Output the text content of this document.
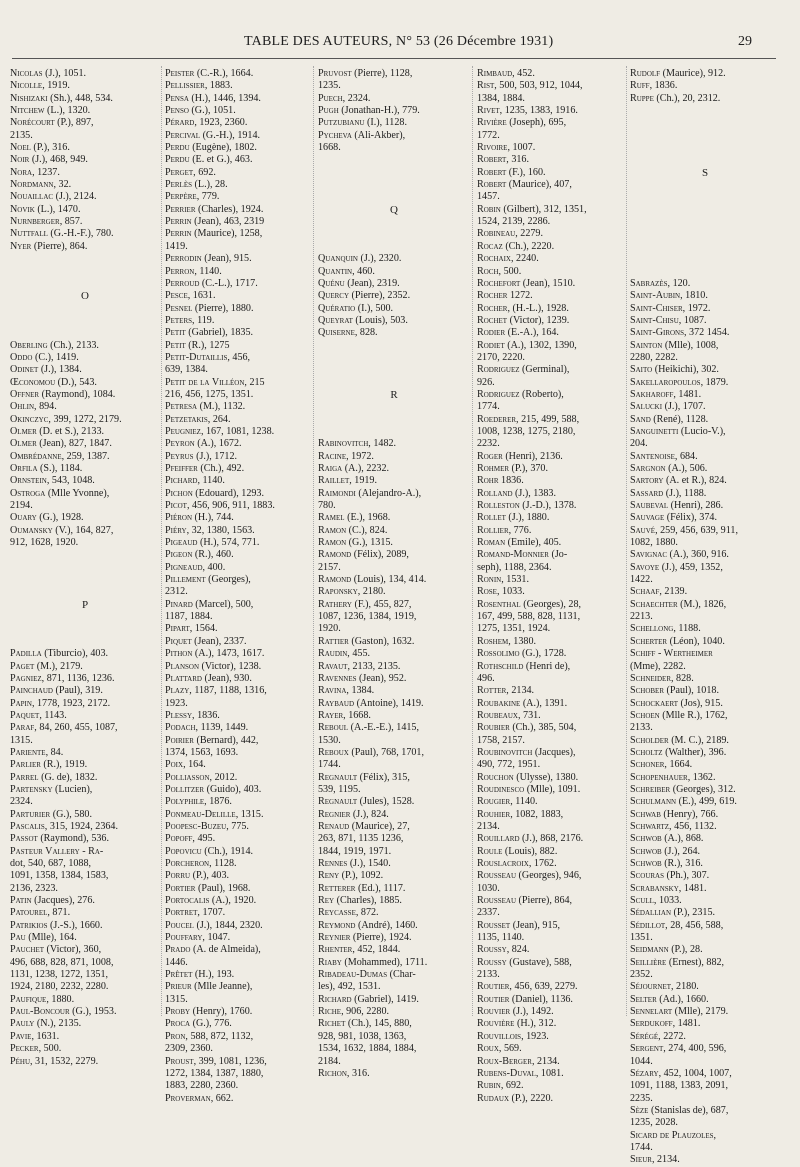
TABLE DES AUTEURS, N° 53 (26 Décembre 1931)	29
Nicolas (J.), 1051.
Nicolle, 1919.
Nishizaki (Sh.), 448, 534.
Nitchew (L.), 1320.
Norécourt (P.), 897,
2135.
Noel (P.), 316.
Noir (J.), 468, 949.
Nora, 1237.
Nordmann, 32.
Nouaillac (J.), 2124.
Novik (L.), 1470.
Nurnberger, 857.
Nuttfall (G.-H.-F.), 780.
Nyer (Pierre), 864.

O

Oberling (Ch.), 2133.
Oddo (C.), 1419.
Odinet (J.), 1384.
Œconomou (D.), 543.
Offner (Raymond), 1084.
Ohlin, 894.
Okinczyc, 399, 1272, 2179.
Olmer (D. et S.), 2133.
Olmer (Jean), 827, 1847.
Ombrédanne, 259, 1387.
Orfila (S.), 1184.
Ornstein, 543, 1048.
Ostroga (Mlle Yvonne),
2194.
Ouary (G.), 1928.
Oumansky (V.), 164, 827,
912, 1628, 1920.

P

Padilla (Tiburcio), 403.
Paget (M.), 2179.
Pagniez, 871, 1136, 1236.
Painchaud (Paul), 319.
Papin, 1778, 1923, 2172.
Paquet, 1143.
Paraf, 84, 260, 455, 1087,
1315.
Pariente, 84.
Parlier (R.), 1919.
Parrel (G. de), 1832.
Partensky (Lucien),
2324.
Parturier (G.), 580.
Pascalis, 315, 1924, 2364.
Passot (Raymond), 536.
Pasteur Vallery - Ra-
dot, 540, 687, 1088,
1091, 1358, 1384, 1583,
2136, 2323.
Patin (Jacques), 276.
Patourel, 871.
Patrikios (J.-S.), 1660.
Pau (Mlle), 164.
Pauchet (Victor), 360,
496, 688, 828, 871, 1008,
1131, 1238, 1272, 1351,
1924, 2180, 2232, 2280.
Paufique, 1880.
Paul-Boncour (G.), 1953.
Pauly (N.), 2135.
Pavie, 1631.
Pecker, 500.
Péhu, 31, 1532, 2279.
Peister (C.-R.), 1664.
Pellissier, 1883.
Pensa (H.), 1446, 1394.
Penso (G.), 1051.
Pérard, 1923, 2360.
Percival (G.-H.), 1914.
Perdu (Eugène), 1802.
Perdu (E. et G.), 463.
Perget, 692.
Perlès (L.), 28.
Perpère, 779.
Perrier (Charles), 1924.
Perrin (Jean), 463, 2319
Perrin (Maurice), 1258,
1419.
Perrodin (Jean), 915.
Perron, 1140.
Perroud (C.-L.), 1717.
Pesce, 1631.
Pesnel (Pierre), 1880.
Peters, 119.
Petit (Gabriel), 1835.
Petit (R.), 1275
Petit-Dutaillis, 456,
639, 1384.
Petit de la Villéon, 215
216, 456, 1275, 1351.
Petresa (M.), 1132.
Petzetakis, 264.
Peugniez, 167, 1081, 1238.
Peyron (A.), 1672.
Peyrus (J.), 1712.
Pfeiffer (Ch.), 492.
Pichard, 1140.
Pichon (Edouard), 1293.
Picot, 456, 906, 911, 1883.
Piéron (H.), 744.
Piéry, 32, 1380, 1563.
Pigeaud (H.), 574, 771.
Pigeon (R.), 460.
Pigneaud, 400.
Pillement (Georges),
2312.
Pinard (Marcel), 500,
1187, 1884.
Pipart, 1564.
Piquet (Jean), 2337.
Pithon (A.), 1473, 1617.
Planson (Victor), 1238.
Plattard (Jean), 930.
Plazy, 1187, 1188, 1316,
1923.
Plessy, 1836.
Podach, 1139, 1449.
Poirier (Bernard), 442,
1374, 1563, 1693.
Poix, 164.
Polliasson, 2012.
Pollitzer (Guido), 403.
Polyphile, 1876.
Ponmeau-Delille, 1315.
Poopesc-Buzeu, 775.
Popoff, 495.
Popovicu (Ch.), 1914.
Porcheron, 1128.
Porru (P.), 403.
Portier (Paul), 1968.
Portocalis (A.), 1920.
Portret, 1707.
Poucel (J.), 1844, 2320.
Pouffary, 1047.
Prado (A. de Almeida),
1446.
Prêtet (H.), 193.
Prieur (Mlle Jeanne),
1315.
Proby (Henry), 1760.
Proca (G.), 776.
Pron, 588, 872, 1132,
2309, 2360.
Proust, 399, 1081, 1236,
1272, 1384, 1387, 1880,
1883, 2280, 2360.
Proverman, 662.
Pruvost (Pierre), 1128,
1235.
Puech, 2324.
Pugh (Jonathan-H.), 779.
Putzubianu (I.), 1128.
Pycheva (Ali-Akber),
1668.

Q

Quanquin (J.), 2320.
Quantin, 460.
Quénu (Jean), 2319.
Quercy (Pierre), 2352.
Quératio (I.), 500.
Queyrat (Louis), 503.
Quiserne, 828.

R

Rabinovitch, 1482.
Racine, 1972.
Raiga (A.), 2232.
Raillet, 1919.
Raimondi (Alejandro-A.),
780.
Ramel (E.), 1968.
Ramon (C.), 824.
Ramon (G.), 1315.
Ramond (Félix), 2089,
2157.
Ramond (Louis), 134, 414.
Raponsky, 2180.
Rathery (F.), 455, 827,
1087, 1236, 1384, 1919,
1920.
Rattier (Gaston), 1632.
Raudin, 455.
Ravaut, 2133, 2135.
Ravennes (Jean), 952.
Ravina, 1384.
Raybaud (Antoine), 1419.
Rayer, 1668.
Reboul (A.-E.-E.), 1415,
1530.
Reboux (Paul), 768, 1701,
1744.
Regnault (Félix), 315,
539, 1195.
Regnault (Jules), 1528.
Regnier (J.), 824.
Renaud (Maurice), 27,
263, 871, 1135 1236,
1844, 1919, 1971.
Rennes (J.), 1540.
Reny (P.), 1092.
Retterer (Ed.), 1117.
Rey (Charles), 1885.
Reycasse, 872.
Reymond (André), 1460.
Reynier (Pierre), 1924.
Rhenter, 452, 1844.
Riaby (Mohammed), 1711.
Ribadeau-Dumas (Char-
les), 492, 1531.
Richard (Gabriel), 1419.
Riche, 906, 2280.
Richet (Ch.), 145, 880,
928, 981, 1038, 1363,
1534, 1632, 1884, 1884,
2184.
Richon, 316.
Rimbaud, 452.
Rist, 500, 503, 912, 1044,
1384, 1884.
Rivet, 1235, 1383, 1916.
Rivière (Joseph), 695,
1772.
Rivoire, 1007.
Robert, 316.
Robert (F.), 160.
Robert (Maurice), 407,
1457.
Robin (Gilbert), 312, 1351,
1524, 2139, 2286.
Robineau, 2279.
Rocaz (Ch.), 2220.
Rochaix, 2240.
Roch, 500.
Rochefort (Jean), 1510.
Rocher 1272.
Rocher, (H.-L.), 1928.
Rochet (Victor), 1239.
Rodier (E.-A.), 164.
Rodiet (A.), 1302, 1390,
2170, 2220.
Rodriguez (Germinal),
926.
Rodriguez (Roberto),
1774.
Roederer, 215, 499, 588,
1008, 1238, 1275, 2180,
2232.
Roger (Henri), 2136.
Rohmer (P.), 370.
Rohr 1836.
Rolland (J.), 1383.
Rolleston (J.-D.), 1378.
Rollet (J.), 1880.
Rollier, 776.
Roman (Emile), 405.
Romand-Monnier (Jo-
seph), 1188, 2364.
Ronin, 1531.
Rose, 1033.
Rosenthal (Georges), 28,
167, 499, 588, 828, 1131,
1275, 1351, 1924.
Roshem, 1380.
Rossolimo (G.), 1728.
Rothschild (Henri de),
496.
Rotter, 2134.
Roubakine (A.), 1391.
Roubeaux, 731.
Roubier (Ch.), 385, 504,
1758, 2157.
Roubinovitch (Jacques),
490, 772, 1951.
Rouchon (Ulysse), 1380.
Roudinesco (Mlle), 1091.
Rougier, 1140.
Rouhier, 1082, 1883,
2134.
Rouillard (J.), 868, 2176.
Roule (Louis), 882.
Rouslacroix, 1762.
Rousseau (Georges), 946,
1030.
Rousseau (Pierre), 864,
2337.
Rousset (Jean), 915,
1135, 1140.
Roussy, 824.
Roussy (Gustave), 588,
2133.
Routier, 456, 639, 2279.
Routier (Daniel), 1136.
Rouvier (J.), 1492.
Rouvière (H.), 312.
Rouvillois, 1923.
Roux, 569.
Roux-Berger, 2134.
Rubens-Duval, 1081.
Rubin, 692.
Rudaux (P.), 2220.
Rudolf (Maurice), 912.
Ruff, 1836.
Ruppe (Ch.), 20, 2312.

S

Sabrazès, 120.
Saint-Aubin, 1810.
Saint-Chiser, 1972.
Saint-Chisu, 1087.
Saint-Girons, 372 1454.
Sainton (Mlle), 1008,
2280, 2282.
Saito (Heikichi), 302.
Sakellaropoulos, 1879.
Sakharoff, 1481.
Salucki (J.), 1707.
Sand (René), 1128.
Sanguinetti (Lucio-V.),
204.
Santenoise, 684.
Sargnon (A.), 506.
Sartory (A. et R.), 824.
Sassard (J.), 1188.
Saubeval (Henri), 286.
Sauvage (Félix), 374.
Sauvé, 259, 456, 639, 911,
1082, 1880.
Savignac (A.), 360, 916.
Savoye (J.), 459, 1352,
1422.
Schaaf, 2139.
Schaechter (M.), 1826,
2213.
Schellong, 1188.
Scherter (Léon), 1040.
Schiff - Wertheimer
(Mme), 2282.
Schneider, 828.
Schober (Paul), 1018.
Schockaert (Jos), 915.
Schoen (Mlle R.), 1762,
2133.
Scholder (M. C.), 2189.
Scholtz (Walther), 396.
Schoner, 1664.
Schopenhauer, 1362.
Schreiber (Georges), 312.
Schulmann (E.), 499, 619.
Schwab (Henry), 766.
Schwartz, 456, 1132.
Schwob (A.), 868.
Schwob (J.), 264.
Schwob (R.), 316.
Scouras (Ph.), 307.
Scrabansky, 1481.
Scull, 1033.
Sédallian (P.), 2315.
Sédillot, 28, 456, 588,
1351.
Seidmann (P.), 28.
Seillière (Ernest), 882,
2352.
Séjournet, 2180.
Selter (Ad.), 1660.
Sennelart (Mlle), 2179.
Serdukoff, 1481.
Sérégé, 2272.
Sergent, 274, 400, 596,
1044.
Sézary, 452, 1004, 1007,
1091, 1188, 1383, 2091,
2235.
Sèze (Stanislas de), 687,
1235, 2028.
Sicard de Plauzoles,
1744.
Sieur, 2134.
